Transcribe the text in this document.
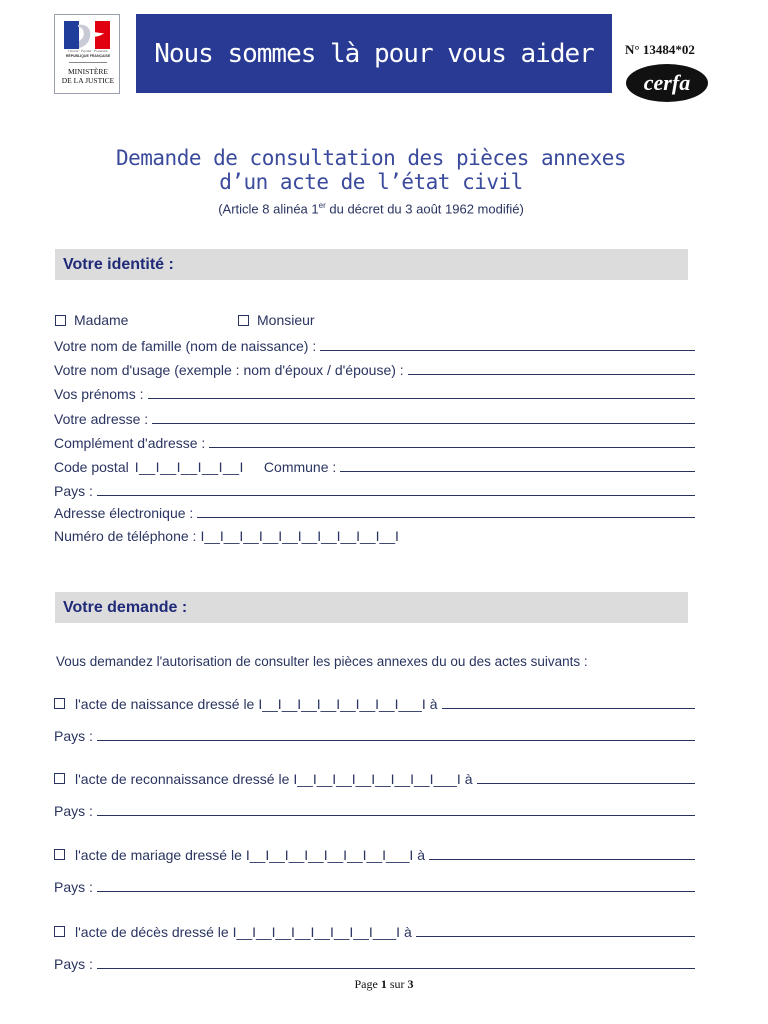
Liberté · Égalité · Fraternité
RÉPUBLIQUE FRANÇAISE
MINISTÈRE
DE LA JUSTICE
Nous sommes là pour vous aider	N° 13484*02
cerfa
Demande de consultation des pièces annexes
d’un acte de l’état civil
(Article 8 alinéa 1er du décret du 3 août 1962 modifié)
Votre identité :
Madame	Monsieur
Votre nom de famille (nom de naissance) :
Votre nom d'usage (exemple : nom d'époux / d'épouse) :
Vos prénoms :
Votre adresse :
Complément d'adresse :
Code postal I__I__I__I__I__I Commune :
Pays :
Adresse électronique :
Numéro de téléphone : I__I__I__I__I__I__I__I__I__I__I
Votre demande :
Vous demandez l'autorisation de consulter les pièces annexes du ou des actes suivants :
l'acte de naissance dressé le I__I__I__I__I__I__I__I___I à
Pays :
l'acte de reconnaissance dressé le I__I__I__I__I__I__I__I___I à
Pays :
l'acte de mariage dressé le I__I__I__I__I__I__I__I___I à
Pays :
l'acte de décès dressé le I__I__I__I__I__I__I__I___I à
Pays :
Page 1 sur 3
